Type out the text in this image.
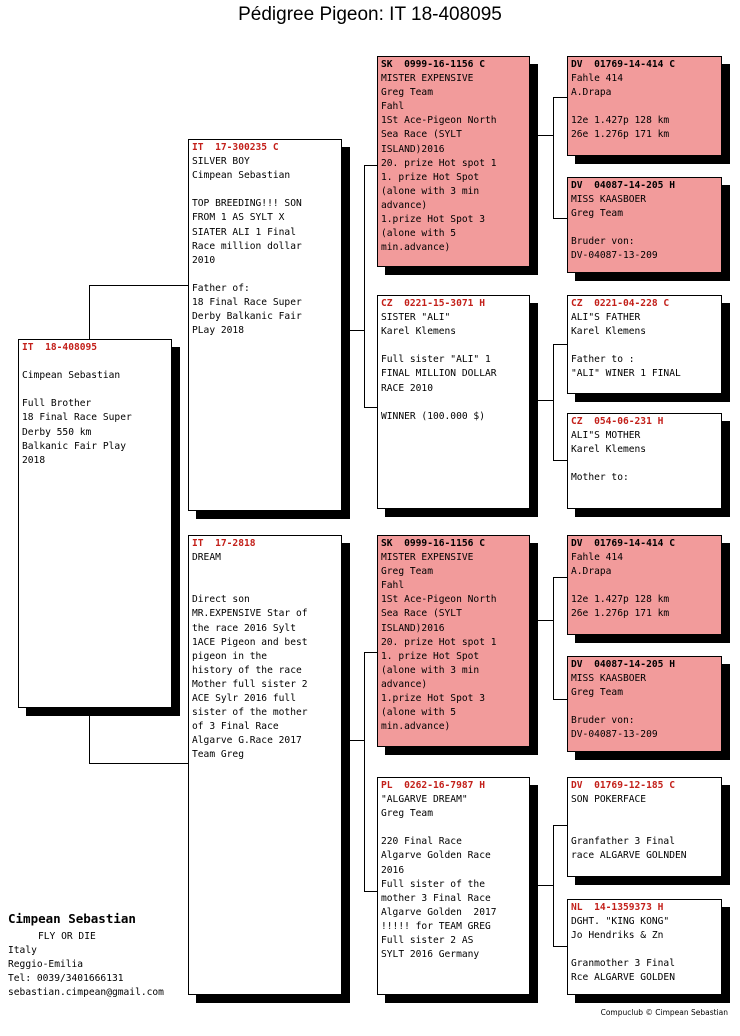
Pédigree Pigeon: IT 18-408095
IT  18-408095

Cimpean Sebastian

Full Brother
18 Final Race Super
Derby 550 km
Balkanic Fair Play
2018
IT  17-300235 C
SILVER BOY
Cimpean Sebastian

TOP BREEDING!!! SON
FROM 1 AS SYLT X
SIATER ALI 1 Final
Race million dollar
2010

Father of:
18 Final Race Super
Derby Balkanic Fair
PLay 2018
IT  17-2818
DREAM

Direct son
MR.EXPENSIVE Star of
the race 2016 Sylt
1ACE Pigeon and best
pigeon in the
history of the race
Mother full sister 2
ACE Sylr 2016 full
sister of the mother
of 3 Final Race
Algarve G.Race 2017
Team Greg
SK  0999-16-1156 C
MISTER EXPENSIVE
Greg Team
Fahl
1St Ace-Pigeon North
Sea Race (SYLT
ISLAND)2016
20. prize Hot spot 1
1. prize Hot Spot
(alone with 3 min
advance)
1.prize Hot Spot 3
(alone with 5
min.advance)
CZ  0221-15-3071 H
SISTER "ALI"
Karel Klemens

Full sister "ALI" 1
FINAL MILLION DOLLAR
RACE 2010

WINNER (100.000 $)
SK  0999-16-1156 C
MISTER EXPENSIVE
Greg Team
Fahl
1St Ace-Pigeon North
Sea Race (SYLT
ISLAND)2016
20. prize Hot spot 1
1. prize Hot Spot
(alone with 3 min
advance)
1.prize Hot Spot 3
(alone with 5
min.advance)
PL  0262-16-7987 H
"ALGARVE DREAM"
Greg Team

220 Final Race
Algarve Golden Race
2016
Full sister of the
mother 3 Final Race
Algarve Golden  2017
!!!!! for TEAM GREG
Full sister 2 AS
SYLT 2016 Germany
DV  01769-14-414 C
Fahle 414
A.Drapa

12e 1.427p 128 km
26e 1.276p 171 km
DV  04087-14-205 H
MISS KAASBOER
Greg Team

Bruder von:
DV-04087-13-209
CZ  0221-04-228 C
ALI"S FATHER
Karel Klemens

Father to :
"ALI" WINER 1 FINAL
CZ  054-06-231 H
ALI"S MOTHER
Karel Klemens

Mother to:
DV  01769-14-414 C
Fahle 414
A.Drapa

12e 1.427p 128 km
26e 1.276p 171 km
DV  04087-14-205 H
MISS KAASBOER
Greg Team

Bruder von:
DV-04087-13-209
DV  01769-12-185 C
SON POKERFACE

Granfather 3 Final
race ALGARVE GOLNDEN
NL  14-1359373 H
DGHT. "KING KONG"
Jo Hendriks & Zn

Granmother 3 Final
Rce ALGARVE GOLDEN
Cimpean Sebastian
FLY OR DIE
Italy
Reggio-Emilia
Tel: 0039/3401666131
sebastian.cimpean@gmail.com
Compuclub © Cimpean Sebastian
